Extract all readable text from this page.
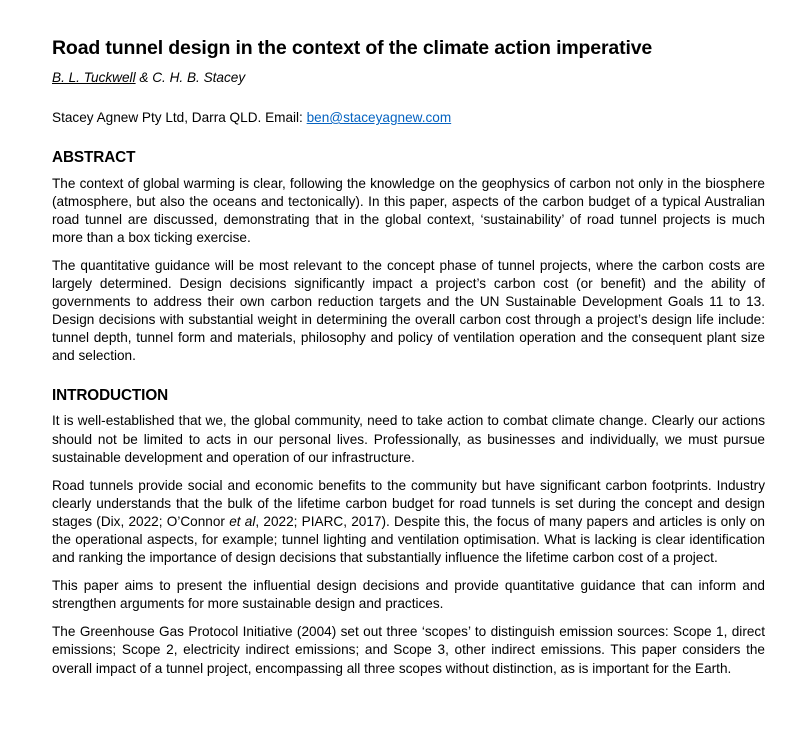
Road tunnel design in the context of the climate action imperative
B. L. Tuckwell & C. H. B. Stacey
Stacey Agnew Pty Ltd, Darra QLD. Email: ben@staceyagnew.com
ABSTRACT

The context of global warming is clear, following the knowledge on the geophysics of carbon not only in the biosphere (atmosphere, but also the oceans and tectonically). In this paper, aspects of the carbon budget of a typical Australian road tunnel are discussed, demonstrating that in the global context, ‘sustainability’ of road tunnel projects is much more than a box ticking exercise.

The quantitative guidance will be most relevant to the concept phase of tunnel projects, where the carbon costs are largely determined. Design decisions significantly impact a project’s carbon cost (or benefit) and the ability of governments to address their own carbon reduction targets and the UN Sustainable Development Goals 11 to 13. Design decisions with substantial weight in determining the overall carbon cost through a project’s design life include: tunnel depth, tunnel form and materials, philosophy and policy of ventilation operation and the consequent plant size and selection.

INTRODUCTION

It is well-established that we, the global community, need to take action to combat climate change. Clearly our actions should not be limited to acts in our personal lives. Professionally, as businesses and individually, we must pursue sustainable development and operation of our infrastructure.

Road tunnels provide social and economic benefits to the community but have significant carbon footprints. Industry clearly understands that the bulk of the lifetime carbon budget for road tunnels is set during the concept and design stages (Dix, 2022; O’Connor et al, 2022; PIARC, 2017). Despite this, the focus of many papers and articles is only on the operational aspects, for example; tunnel lighting and ventilation optimisation. What is lacking is clear identification and ranking the importance of design decisions that substantially influence the lifetime carbon cost of a project.

This paper aims to present the influential design decisions and provide quantitative guidance that can inform and strengthen arguments for more sustainable design and practices.

The Greenhouse Gas Protocol Initiative (2004) set out three ‘scopes’ to distinguish emission sources: Scope 1, direct emissions; Scope 2, electricity indirect emissions; and Scope 3, other indirect emissions. This paper considers the overall impact of a tunnel project, encompassing all three scopes without distinction, as is important for the Earth.
